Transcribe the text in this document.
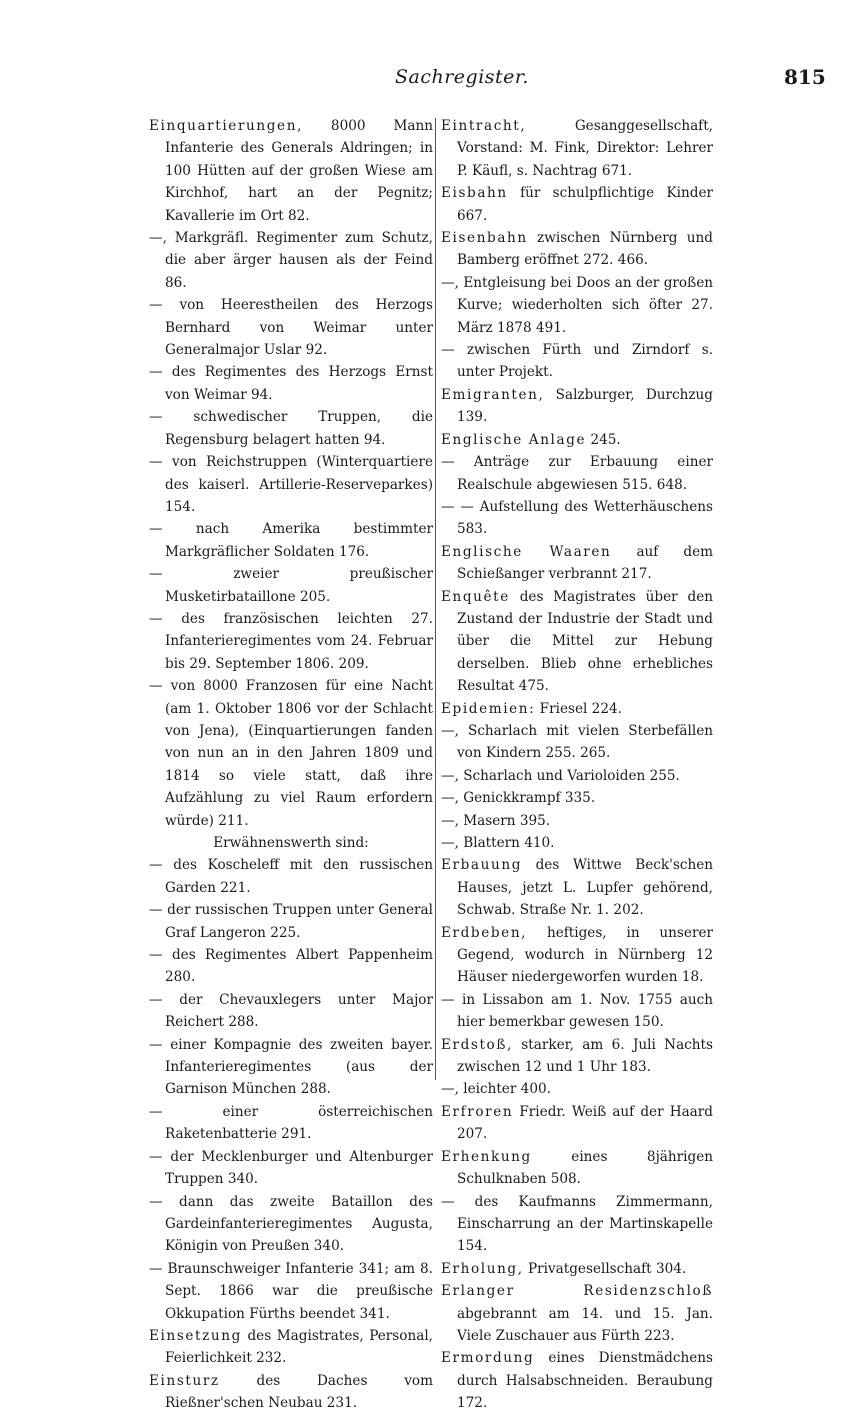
Sachregister.	815
Einquartierungen, 8000 Mann Infanterie des Generals Aldringen; in 100 Hütten auf der großen Wiese am Kirchhof, hart an der Pegnitz; Kavallerie im Ort 82.
—, Markgräfl. Regimenter zum Schutz, die aber ärger hausen als der Feind 86.
— von Heerestheilen des Herzogs Bernhard von Weimar unter Generalmajor Uslar 92.
— des Regimentes des Herzogs Ernst von Weimar 94.
— schwedischer Truppen, die Regensburg belagert hatten 94.
— von Reichstruppen (Winterquartiere des kaiserl. Artillerie-Reserveparkes) 154.
— nach Amerika bestimmter Markgräflicher Soldaten 176.
— zweier preußischer Musketirbataillone 205.
— des französischen leichten 27. Infanterieregimentes vom 24. Februar bis 29. September 1806. 209.
— von 8000 Franzosen für eine Nacht (am 1. Oktober 1806 vor der Schlacht von Jena), (Einquartierungen fanden von nun an in den Jahren 1809 und 1814 so viele statt, daß ihre Aufzählung zu viel Raum erfordern würde) 211.
Erwähnenswerth sind:
— des Koscheleff mit den russischen Garden 221.
— der russischen Truppen unter General Graf Langeron 225.
— des Regimentes Albert Pappenheim 280.
— der Chevauxlegers unter Major Reichert 288.
— einer Kompagnie des zweiten bayer. Infanterieregimentes (aus der Garnison München 288.
— einer österreichischen Raketenbatterie 291.
— der Mecklenburger und Altenburger Truppen 340.
— dann das zweite Bataillon des Gardeinfanterieregimentes Augusta, Königin von Preußen 340.
— Braunschweiger Infanterie 341; am 8. Sept. 1866 war die preußische Okkupation Fürths beendet 341.
Einsetzung des Magistrates, Personal, Feierlichkeit 232.
Einsturz des Daches vom Rießner'schen Neubau 231.
Eintracht, Gesanggesellschaft, Vorstand: M. Fink, Direktor: Lehrer P. Käufl, s. Nachtrag 671.
Eisbahn für schulpflichtige Kinder 667.
Eisenbahn zwischen Nürnberg und Bamberg eröffnet 272. 466.
—, Entgleisung bei Doos an der großen Kurve; wiederholten sich öfter 27. März 1878 491.
— zwischen Fürth und Zirndorf s. unter Projekt.
Emigranten, Salzburger, Durchzug 139.
Englische Anlage 245.
— Anträge zur Erbauung einer Realschule abgewiesen 515. 648.
— — Aufstellung des Wetterhäuschens 583.
Englische Waaren auf dem Schießanger verbrannt 217.
Enquête des Magistrates über den Zustand der Industrie der Stadt und über die Mittel zur Hebung derselben. Blieb ohne erhebliches Resultat 475.
Epidemien: Friesel 224.
—, Scharlach mit vielen Sterbefällen von Kindern 255. 265.
—, Scharlach und Varioloiden 255.
—, Genickkrampf 335.
—, Masern 395.
—, Blattern 410.
Erbauung des Wittwe Beck'schen Hauses, jetzt L. Lupfer gehörend, Schwab. Straße Nr. 1. 202.
Erdbeben, heftiges, in unserer Gegend, wodurch in Nürnberg 12 Häuser niedergeworfen wurden 18.
— in Lissabon am 1. Nov. 1755 auch hier bemerkbar gewesen 150.
Erdstoß, starker, am 6. Juli Nachts zwischen 12 und 1 Uhr 183.
—, leichter 400.
Erfroren Friedr. Weiß auf der Haard 207.
Erhenkung eines 8jährigen Schulknaben 508.
— des Kaufmanns Zimmermann, Einscharrung an der Martinskapelle 154.
Erholung, Privatgesellschaft 304.
Erlanger Residenzschloß abgebrannt am 14. und 15. Jan. Viele Zuschauer aus Fürth 223.
Ermordung eines Dienstmädchens durch Halsabschneiden. Beraubung 172.
